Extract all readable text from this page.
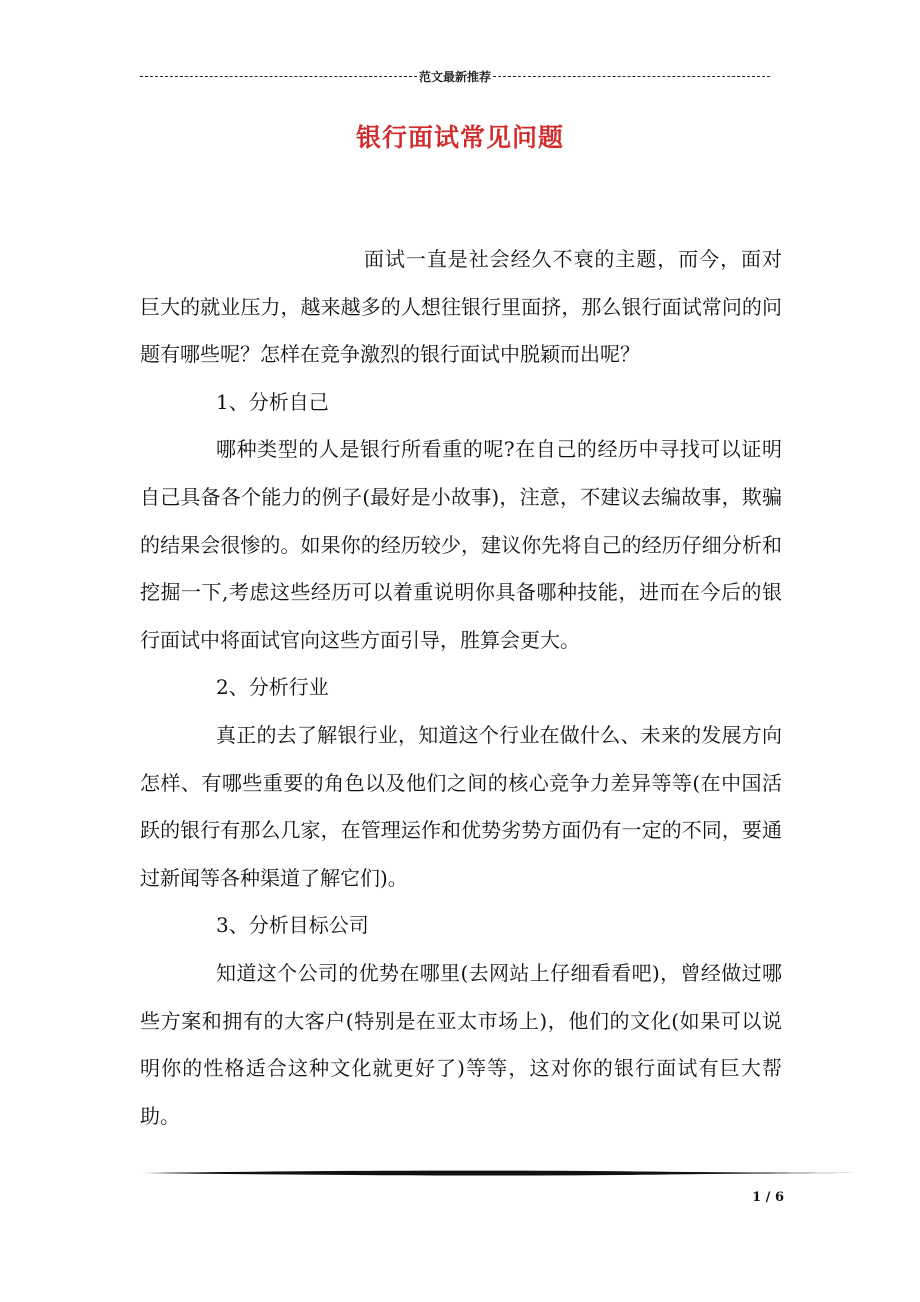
范文最新推荐
银行面试常见问题

面试一直是社会经久不衰的主题，而今，面对巨大的就业压力，越来越多的人想往银行里面挤，那么银行面试常问的问题有哪些呢？怎样在竞争激烈的银行面试中脱颖而出呢？

1、分析自己

哪种类型的人是银行所看重的呢?在自己的经历中寻找可以证明自己具备各个能力的例子(最好是小故事)，注意，不建议去编故事，欺骗的结果会很惨的。如果你的经历较少，建议你先将自己的经历仔细分析和挖掘一下,考虑这些经历可以着重说明你具备哪种技能，进而在今后的银行面试中将面试官向这些方面引导，胜算会更大。

2、分析行业

真正的去了解银行业，知道这个行业在做什么、未来的发展方向怎样、有哪些重要的角色以及他们之间的核心竞争力差异等等(在中国活跃的银行有那么几家，在管理运作和优势劣势方面仍有一定的不同，要通过新闻等各种渠道了解它们)。

3、分析目标公司

知道这个公司的优势在哪里(去网站上仔细看看吧)，曾经做过哪些方案和拥有的大客户(特别是在亚太市场上)，他们的文化(如果可以说明你的性格适合这种文化就更好了)等等，这对你的银行面试有巨大帮助。

1 / 6
